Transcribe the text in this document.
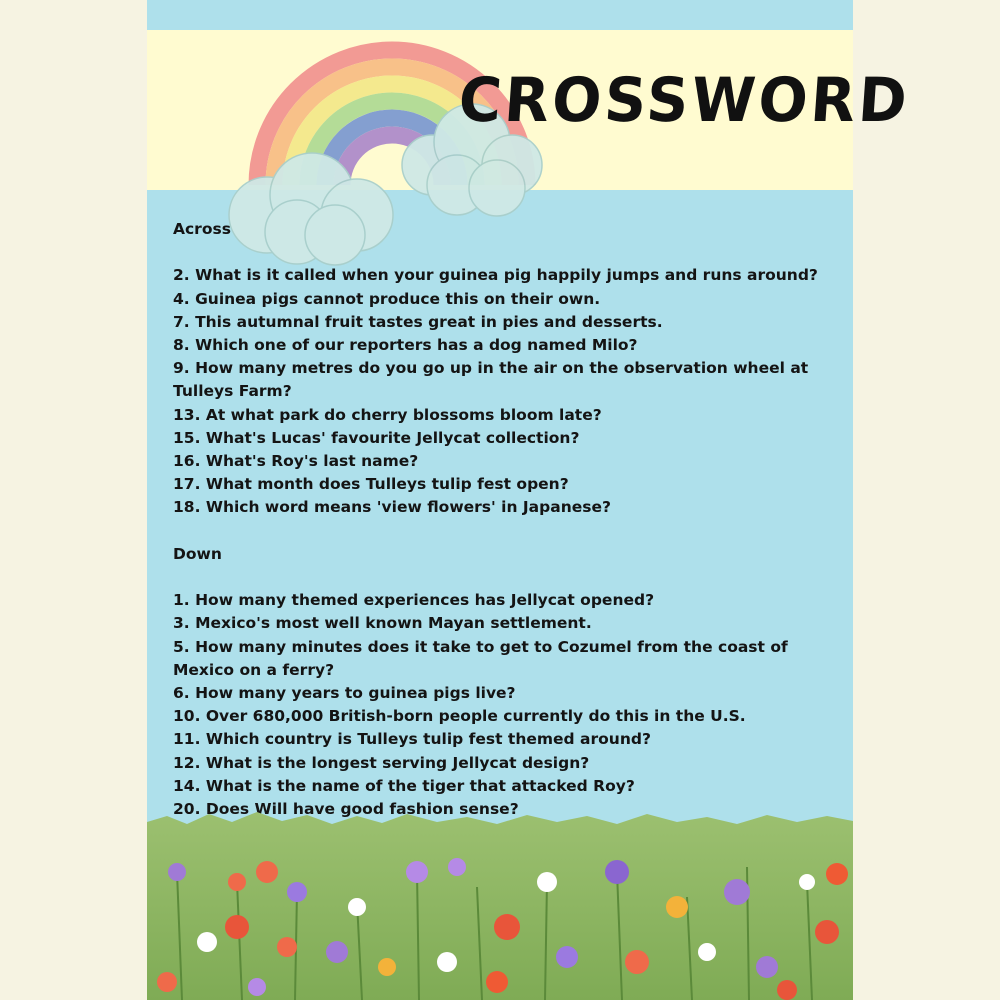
CROSSWORD

Across

2. What is it called when your guinea pig happily jumps and runs around?
4. Guinea pigs cannot produce this on their own.
7. This autumnal fruit tastes great in pies and desserts.
8. Which one of our reporters has a dog named Milo?
9. How many metres do you go up in the air on the observation wheel at Tulleys Farm?
13. At what park do cherry blossoms bloom late?
15. What's Lucas' favourite Jellycat collection?
16. What's Roy's last name?
17. What month does Tulleys tulip fest open?
18. Which word means 'view flowers' in Japanese?

Down

1. How many themed experiences has Jellycat opened?
3. Mexico's most well known Mayan settlement.
5. How many minutes does it take to get to Cozumel from the coast of Mexico on a ferry?
6. How many years to guinea pigs live?
10. Over 680,000 British-born people currently do this in the U.S.
11. Which country is Tulleys tulip fest themed around?
12. What is the longest serving Jellycat design?
14. What is the name of the tiger that attacked Roy?
20. Does Will have good fashion sense?
